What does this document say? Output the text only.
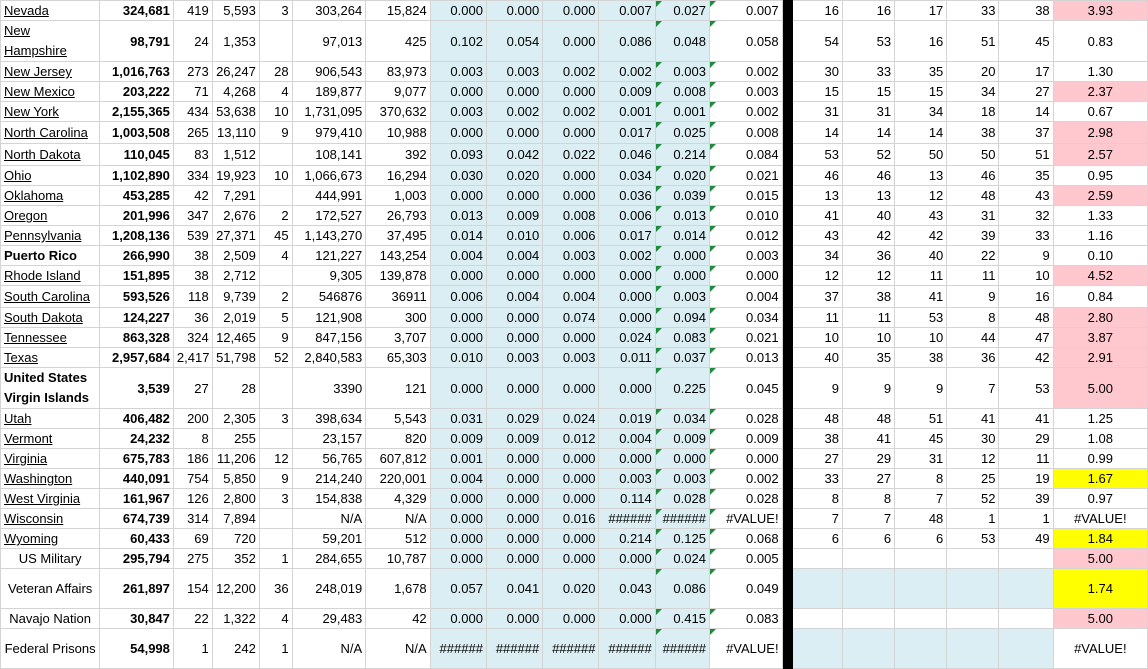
Nevada	324,681	419	5,593	3	303,264	15,824	0.000	0.000	0.000	0.007	0.027	0.007		16	16	17	33	38	3.93
New Hampshire	98,791	24	1,353		97,013	425	0.102	0.054	0.000	0.086	0.048	0.058		54	53	16	51	45	0.83
New Jersey	1,016,763	273	26,247	28	906,543	83,973	0.003	0.003	0.002	0.002	0.003	0.002		30	33	35	20	17	1.30
New Mexico	203,222	71	4,268	4	189,877	9,077	0.000	0.000	0.000	0.009	0.008	0.003		15	15	15	34	27	2.37
New York	2,155,365	434	53,638	10	1,731,095	370,632	0.003	0.002	0.002	0.001	0.001	0.002		31	31	34	18	14	0.67
North Carolina	1,003,508	265	13,110	9	979,410	10,988	0.000	0.000	0.000	0.017	0.025	0.008		14	14	14	38	37	2.98
North Dakota	110,045	83	1,512		108,141	392	0.093	0.042	0.022	0.046	0.214	0.084		53	52	50	50	51	2.57
Ohio	1,102,890	334	19,923	10	1,066,673	16,294	0.030	0.020	0.000	0.034	0.020	0.021		46	46	13	46	35	0.95
Oklahoma	453,285	42	7,291		444,991	1,003	0.000	0.000	0.000	0.036	0.039	0.015		13	13	12	48	43	2.59
Oregon	201,996	347	2,676	2	172,527	26,793	0.013	0.009	0.008	0.006	0.013	0.010		41	40	43	31	32	1.33
Pennsylvania	1,208,136	539	27,371	45	1,143,270	37,495	0.014	0.010	0.006	0.017	0.014	0.012		43	42	42	39	33	1.16
Puerto Rico	266,990	38	2,509	4	121,227	143,254	0.004	0.004	0.003	0.002	0.000	0.003		34	36	40	22	9	0.10
Rhode Island	151,895	38	2,712		9,305	139,878	0.000	0.000	0.000	0.000	0.000	0.000		12	12	11	11	10	4.52
South Carolina	593,526	118	9,739	2	546876	36911	0.006	0.004	0.004	0.000	0.003	0.004		37	38	41	9	16	0.84
South Dakota	124,227	36	2,019	5	121,908	300	0.000	0.000	0.074	0.000	0.094	0.034		11	11	53	8	48	2.80
Tennessee	863,328	324	12,465	9	847,156	3,707	0.000	0.000	0.000	0.024	0.083	0.021		10	10	10	44	47	3.87
Texas	2,957,684	2,417	51,798	52	2,840,583	65,303	0.010	0.003	0.003	0.011	0.037	0.013		40	35	38	36	42	2.91
United States Virgin Islands	3,539	27	28		3390	121	0.000	0.000	0.000	0.000	0.225	0.045		9	9	9	7	53	5.00
Utah	406,482	200	2,305	3	398,634	5,543	0.031	0.029	0.024	0.019	0.034	0.028		48	48	51	41	41	1.25
Vermont	24,232	8	255		23,157	820	0.009	0.009	0.012	0.004	0.009	0.009		38	41	45	30	29	1.08
Virginia	675,783	186	11,206	12	56,765	607,812	0.001	0.000	0.000	0.000	0.000	0.000		27	29	31	12	11	0.99
Washington	440,091	754	5,850	9	214,240	220,001	0.004	0.000	0.000	0.003	0.003	0.002		33	27	8	25	19	1.67
West Virginia	161,967	126	2,800	3	154,838	4,329	0.000	0.000	0.000	0.114	0.028	0.028		8	8	7	52	39	0.97
Wisconsin	674,739	314	7,894		N/A	N/A	0.000	0.000	0.016	######	######	#VALUE!		7	7	48	1	1	#VALUE!
Wyoming	60,433	69	720		59,201	512	0.000	0.000	0.000	0.214	0.125	0.068		6	6	6	53	49	1.84
US Military	295,794	275	352	1	284,655	10,787	0.000	0.000	0.000	0.000	0.024	0.005							5.00
Veteran Affairs	261,897	154	12,200	36	248,019	1,678	0.057	0.041	0.020	0.043	0.086	0.049							1.74
Navajo Nation	30,847	22	1,322	4	29,483	42	0.000	0.000	0.000	0.000	0.415	0.083							5.00
Federal Prisons	54,998	1	242	1	N/A	N/A	######	######	######	######	######	#VALUE!							#VALUE!
